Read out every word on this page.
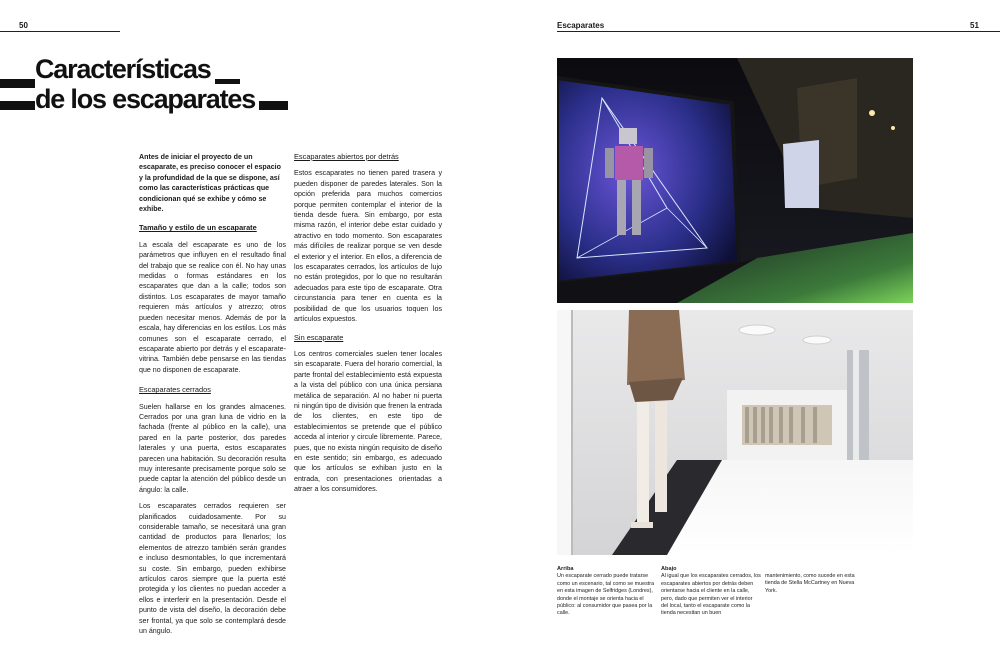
50	Escaparates	51
Características
de los escaparates

Antes de iniciar el proyecto de un escaparate, es preciso conocer el espacio y la profundidad de la que se dispone, así como las características prácticas que condicionan qué se exhibe y cómo se exhibe.

Tamaño y estilo de un escaparate

La escala del escaparate es uno de los parámetros que influyen en el resultado final del trabajo que se realice con él. No hay unas medidas o formas estándares en los escaparates que dan a la calle; todos son distintos. Los escaparates de mayor tamaño requieren más artículos y atrezzo; otros pueden necesitar menos. Además de por la escala, hay diferencias en los estilos. Los más comunes son el escaparate cerrado, el escaparate abierto por detrás y el escaparate-vitrina. También debe pensarse en las tiendas que no disponen de escaparate.

Escaparates cerrados

Suelen hallarse en los grandes almacenes. Cerrados por una gran luna de vidrio en la fachada (frente al público en la calle), una pared en la parte posterior, dos paredes laterales y una puerta, estos escaparates parecen una habitación. Su decoración resulta muy interesante precisamente porque solo se puede captar la atención del público desde un ángulo: la calle.

Los escaparates cerrados requieren ser planificados cuidadosamente. Por su considerable tamaño, se necesitará una gran cantidad de productos para llenarlos; los elementos de atrezzo también serán grandes e incluso desmontables, lo que incrementará su coste. Sin embargo, pueden exhibirse artículos caros siempre que la puerta esté protegida y los clientes no puedan acceder a ellos e interferir en la presentación. Desde el punto de vista del diseño, la decoración debe ser frontal, ya que solo se contemplará desde un ángulo.

Escaparates abiertos por detrás

Estos escaparates no tienen pared trasera y pueden disponer de paredes laterales. Son la opción preferida para muchos comercios porque permiten contemplar el interior de la tienda desde fuera. Sin embargo, por esta misma razón, el interior debe estar cuidado y atractivo en todo momento. Son escaparates más difíciles de realizar porque se ven desde el exterior y el interior. En ellos, a diferencia de los escaparates cerrados, los artículos de lujo no están protegidos, por lo que no resultarán adecuados para este tipo de escaparate. Otra circunstancia para tener en cuenta es la posibilidad de que los usuarios toquen los artículos expuestos.

Sin escaparate

Los centros comerciales suelen tener locales sin escaparate. Fuera del horario comercial, la parte frontal del establecimiento está expuesta a la vista del público con una única persiana metálica de separación. Al no haber ni puerta ni ningún tipo de división que frenen la entrada de los clientes, en este tipo de establecimientos se pretende que el público acceda al interior y circule libremente. Parece, pues, que no exista ningún requisito de diseño en este sentido; sin embargo, es adecuado que los artículos se exhiban justo en la entrada, con presentaciones orientadas a atraer a los consumidores.

Arriba
Un escaparate cerrado puede tratarse como un escenario, tal como se muestra en esta imagen de Selfridges (Londres), donde el montaje se orienta hacia el público: al consumidor que pasea por la calle.
Abajo
Al igual que los escaparates cerrados, los escaparates abiertos por detrás deben orientarse hacia el cliente en la calle, pero, dado que permiten ver el interior del local, tanto el escaparate como la tienda necesitan un buen
mantenimiento, como sucede en esta tienda de Stella McCartney en Nueva York.
